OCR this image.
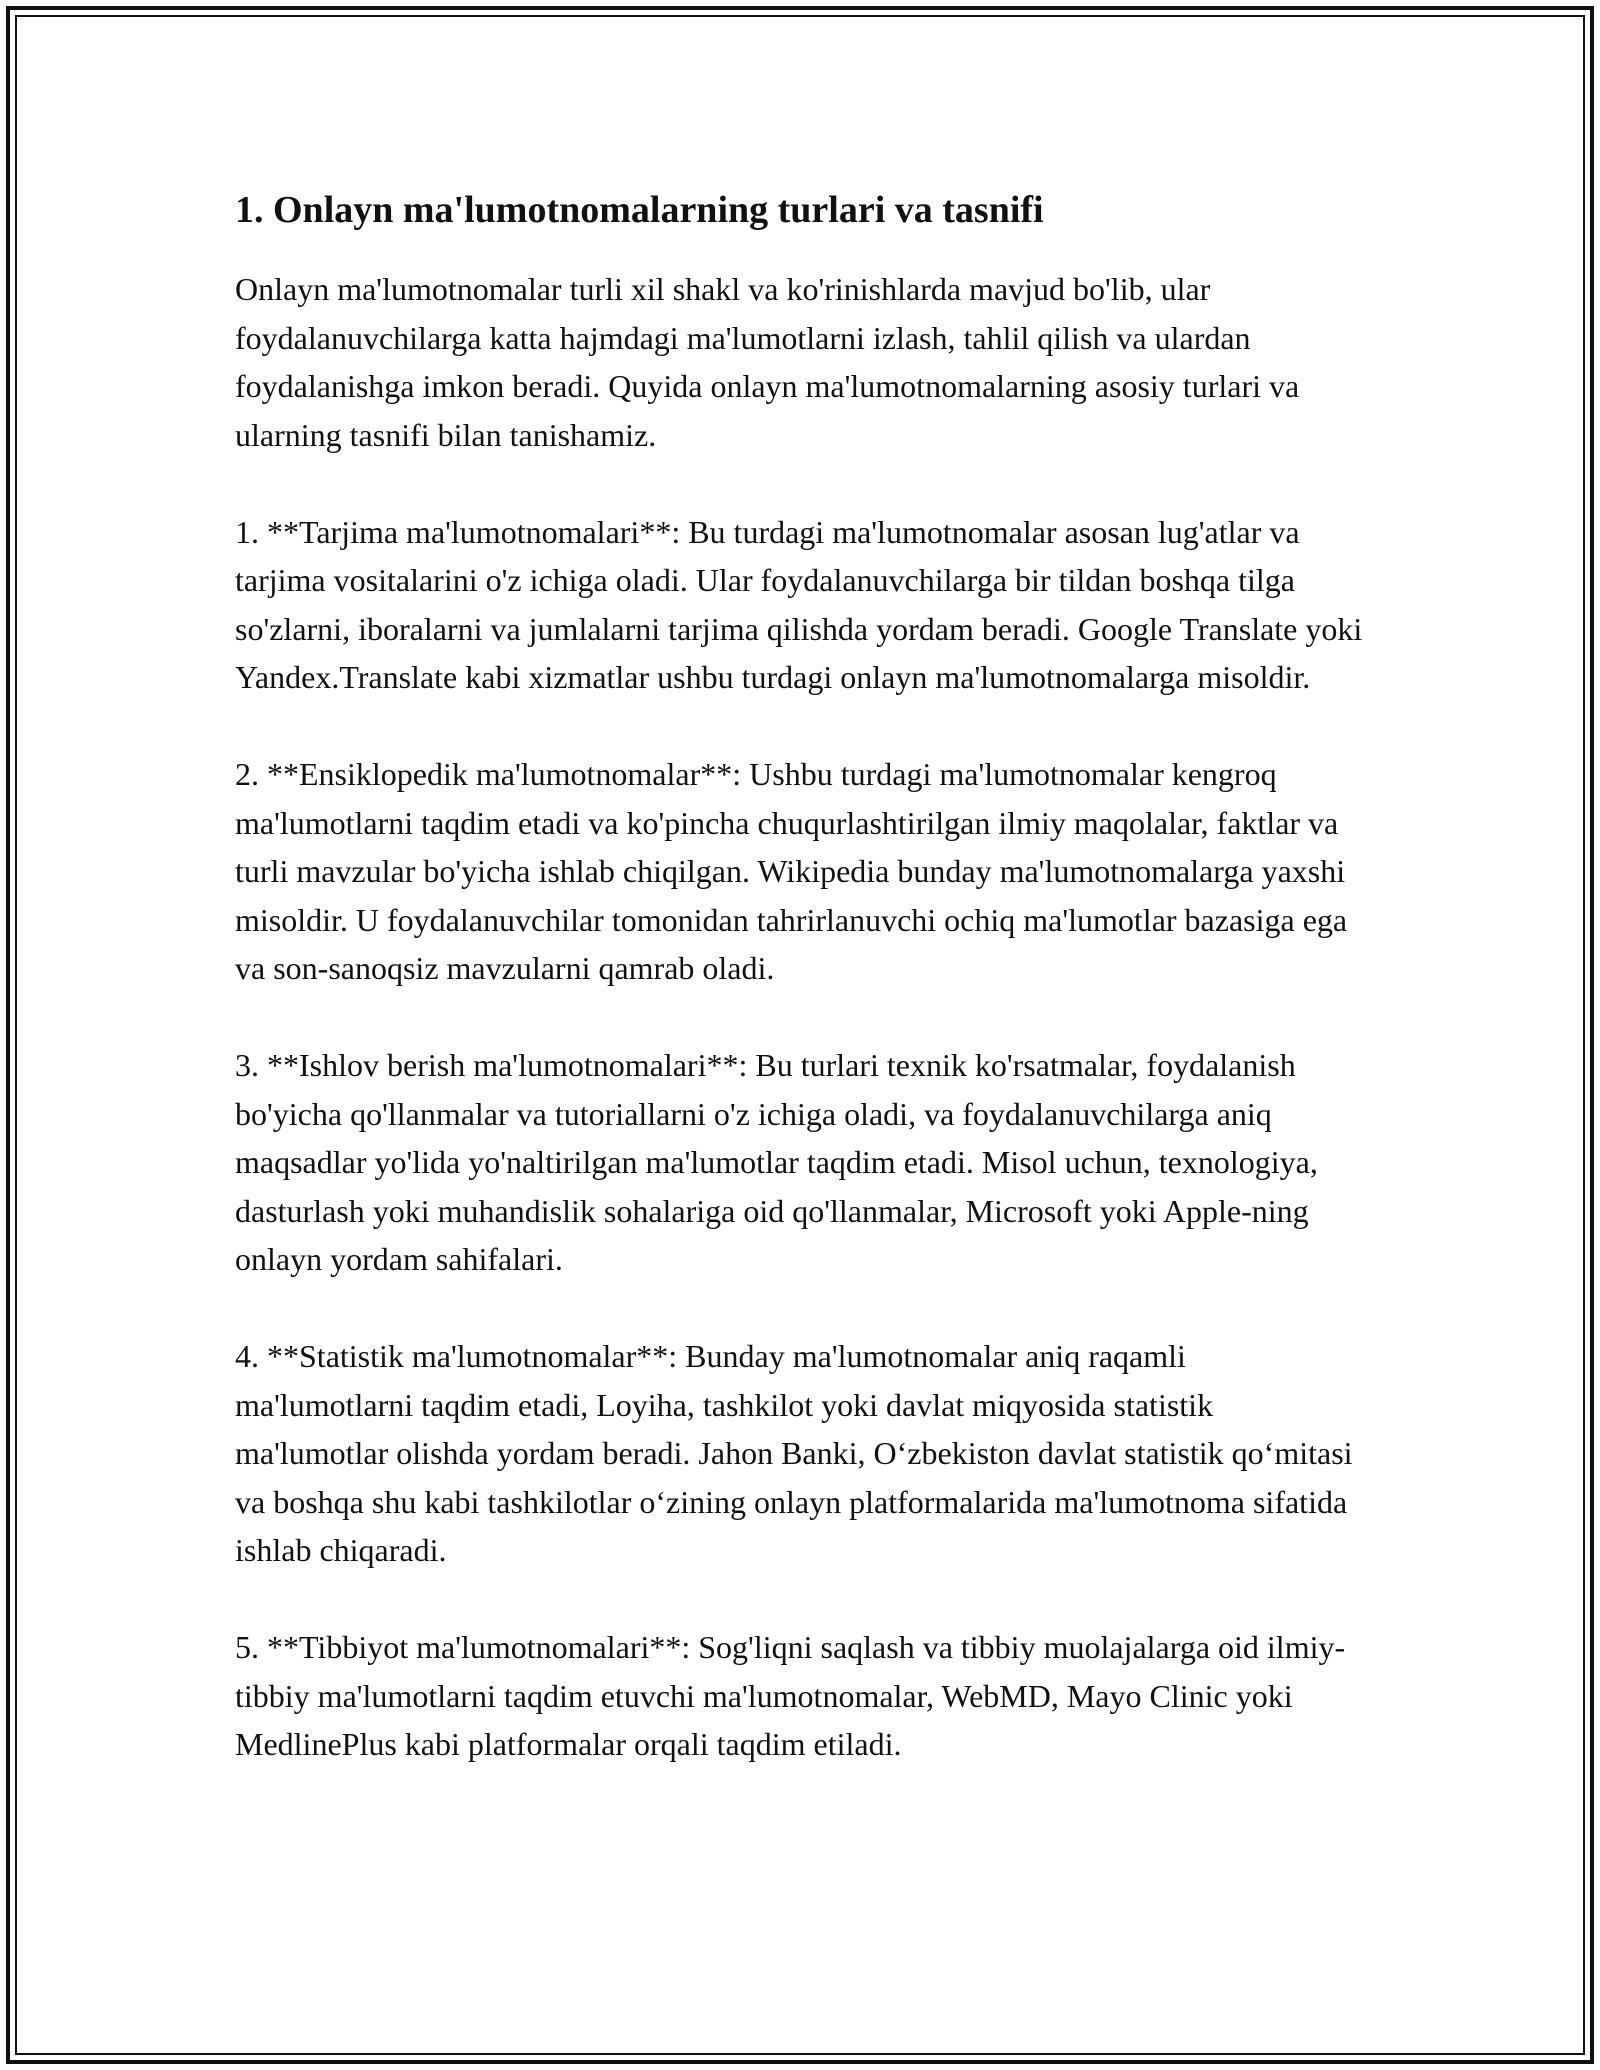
1. Onlayn ma'lumotnomalarning turlari va tasnifi

Onlayn ma'lumotnomalar turli xil shakl va ko'rinishlarda mavjud bo'lib, ular foydalanuvchilarga katta hajmdagi ma'lumotlarni izlash, tahlil qilish va ulardan foydalanishga imkon beradi. Quyida onlayn ma'lumotnomalarning asosiy turlari va ularning tasnifi bilan tanishamiz.

1. **Tarjima ma'lumotnomalari**: Bu turdagi ma'lumotnomalar asosan lug'atlar va tarjima vositalarini o'z ichiga oladi. Ular foydalanuvchilarga bir tildan boshqa tilga so'zlarni, iboralarni va jumlalarni tarjima qilishda yordam beradi. Google Translate yoki Yandex.Translate kabi xizmatlar ushbu turdagi onlayn ma'lumotnomalarga misoldir.

2. **Ensiklopedik ma'lumotnomalar**: Ushbu turdagi ma'lumotnomalar kengroq ma'lumotlarni taqdim etadi va ko'pincha chuqurlashtirilgan ilmiy maqolalar, faktlar va turli mavzular bo'yicha ishlab chiqilgan. Wikipedia bunday ma'lumotnomalarga yaxshi misoldir. U foydalanuvchilar tomonidan tahrirlanuvchi ochiq ma'lumotlar bazasiga ega va son-sanoqsiz mavzularni qamrab oladi.

3. **Ishlov berish ma'lumotnomalari**: Bu turlari texnik ko'rsatmalar, foydalanish bo'yicha qo'llanmalar va tutoriallarni o'z ichiga oladi, va foydalanuvchilarga aniq maqsadlar yo'lida yo'naltirilgan ma'lumotlar taqdim etadi. Misol uchun, texnologiya, dasturlash yoki muhandislik sohalariga oid qo'llanmalar, Microsoft yoki Apple-ning onlayn yordam sahifalari.

4. **Statistik ma'lumotnomalar**: Bunday ma'lumotnomalar aniq raqamli ma'lumotlarni taqdim etadi, Loyiha, tashkilot yoki davlat miqyosida statistik ma'lumotlar olishda yordam beradi. Jahon Banki, O‘zbekiston davlat statistik qo‘mitasi va boshqa shu kabi tashkilotlar o‘zining onlayn platformalarida ma'lumotnoma sifatida ishlab chiqaradi.

5. **Tibbiyot ma'lumotnomalari**: Sog'liqni saqlash va tibbiy muolajalarga oid ilmiy-tibbiy ma'lumotlarni taqdim etuvchi ma'lumotnomalar, WebMD, Mayo Clinic yoki MedlinePlus kabi platformalar orqali taqdim etiladi.
